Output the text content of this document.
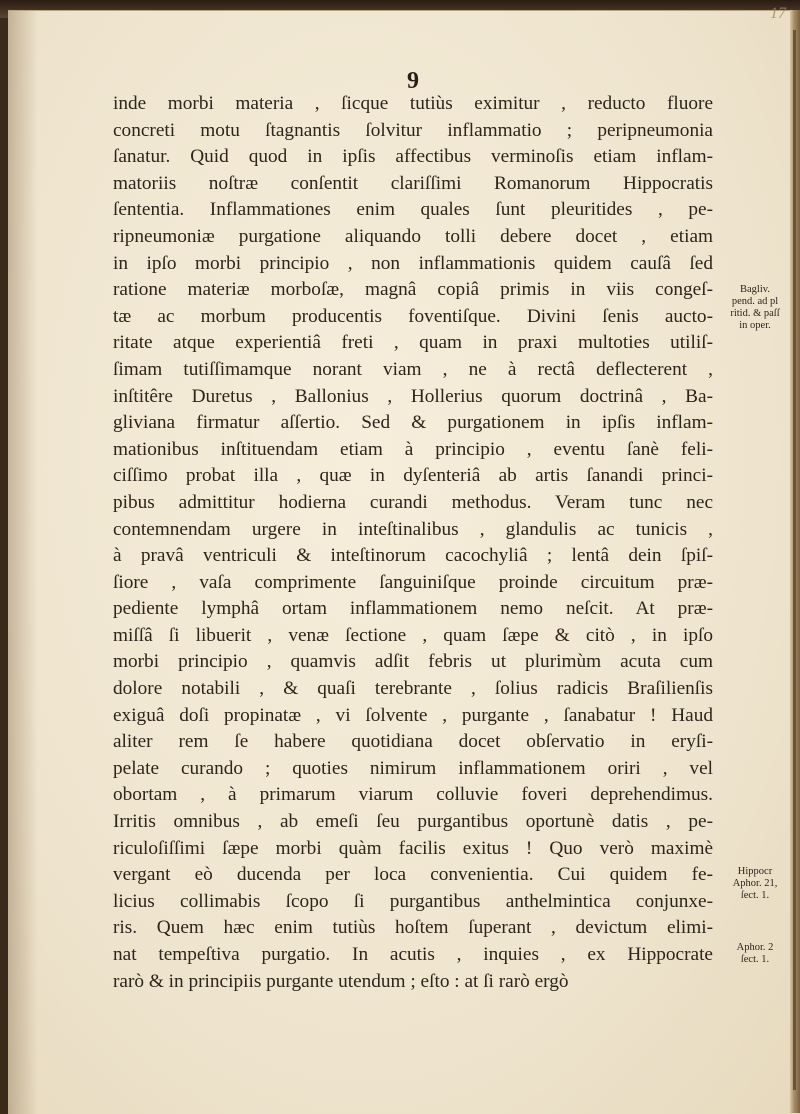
17
9
inde morbi materia , ſicque tutiùs eximitur , reducto fluore
concreti motu ſtagnantis ſolvitur inflammatio ; peripneumonia
ſanatur. Quid quod in ipſis affectibus verminoſis etiam inflam-
matoriis noſtræ conſentit clariſſimi Romanorum Hippocratis
ſententia. Inflammationes enim quales ſunt pleuritides , pe-
ripneumoniæ purgatione aliquando tolli debere docet , etiam
in ipſo morbi principio , non inflammationis quidem cauſâ ſed
ratione materiæ morboſæ, magnâ copiâ primis in viis congeſ-
tæ ac morbum producentis foventiſque. Divini ſenis aucto-
ritate atque experientiâ freti , quam in praxi multoties utiliſ-
ſimam tutiſſimamque norant viam , ne à rectâ deflecterent ,
inſtitêre Duretus , Ballonius , Hollerius quorum doctrinâ , Ba-
gliviana firmatur aſſertio. Sed & purgationem in ipſis inflam-
mationibus inſtituendam etiam à principio , eventu ſanè feli-
ciſſimo probat illa , quæ in dyſenteriâ ab artis ſanandi princi-
pibus admittitur hodierna curandi methodus. Veram tunc nec
contemnendam urgere in inteſtinalibus , glandulis ac tunicis ,
à pravâ ventriculi & inteſtinorum cacochyliâ ; lentâ dein ſpiſ-
ſiore , vaſa comprimente ſanguiniſque proinde circuitum præ-
pediente lymphâ ortam inflammationem nemo neſcit. At præ-
miſſâ ſi libuerit , venæ ſectione , quam ſæpe & citò , in ipſo
morbi principio , quamvis adſit febris ut plurimùm acuta cum
dolore notabili , & quaſi terebrante , ſolius radicis Braſilienſis
exiguâ doſi propinatæ , vi ſolvente , purgante , ſanabatur ! Haud
aliter rem ſe habere quotidiana docet obſervatio in eryſi-
pelate curando ; quoties nimirum inflammationem oriri , vel
obortam , à primarum viarum colluvie foveri deprehendimus.
Irritis omnibus , ab emeſi ſeu purgantibus oportunè datis , pe-
riculoſiſſimi ſæpe morbi quàm facilis exitus ! Quo verò maximè
vergant eò ducenda per loca convenientia. Cui quidem fe-
licius collimabis ſcopo ſi purgantibus anthelmintica conjunxe-
ris. Quem hæc enim tutiùs hoſtem ſuperant , devictum elimi-
nat tempeſtiva purgatio. In acutis , inquies , ex Hippocrate
rarò & in principiis purgante utendum ; eſto : at ſi rarò ergò
Bagliv.
pend. ad pl
ritid. & paſſ
in oper.
Hippocr
Aphor. 21,
ſect. 1.
Aphor. 2
ſect. 1.
